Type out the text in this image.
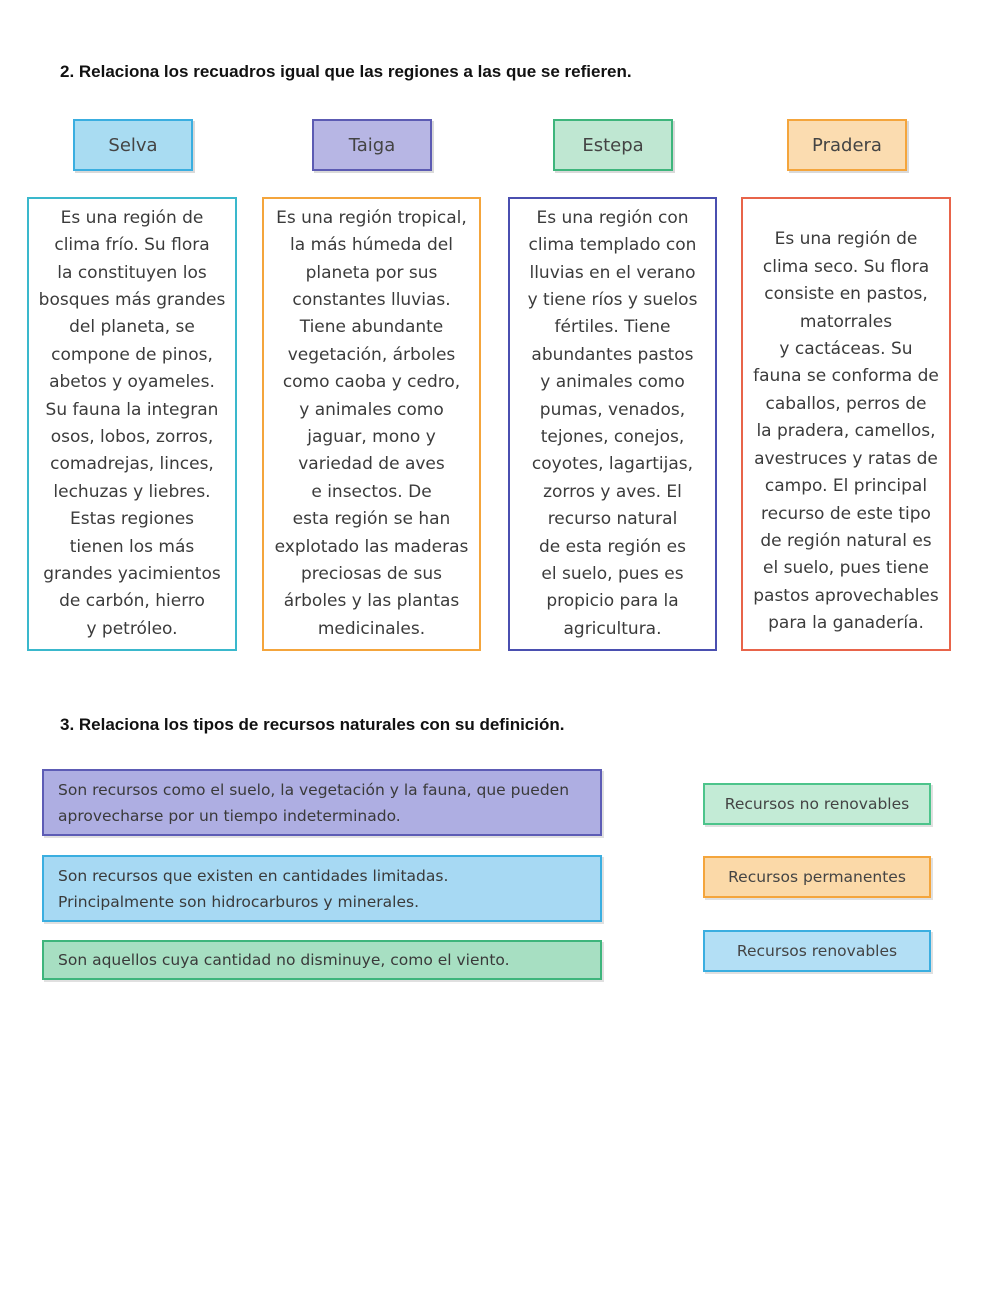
2. Relaciona los recuadros igual que las regiones a las que se refieren.
Selva	Taiga	Estepa	Pradera
Es una región de
clima frío. Su flora
la constituyen los
bosques más grandes
del planeta, se
compone de pinos,
abetos y oyameles.
Su fauna la integran
osos, lobos, zorros,
comadrejas, linces,
lechuzas y liebres.
Estas regiones
tienen los más
grandes yacimientos
de carbón, hierro
y petróleo.
Es una región tropical,
la más húmeda del
planeta por sus
constantes lluvias.
Tiene abundante
vegetación, árboles
como caoba y cedro,
y animales como
jaguar, mono y
variedad de aves
e insectos. De
esta región se han
explotado las maderas
preciosas de sus
árboles y las plantas
medicinales.
Es una región con
clima templado con
lluvias en el verano
y tiene ríos y suelos
fértiles. Tiene
abundantes pastos
y animales como
pumas, venados,
tejones, conejos,
coyotes, lagartijas,
zorros y aves. El
recurso natural
de esta región es
el suelo, pues es
propicio para la
agricultura.
Es una región de
clima seco. Su flora
consiste en pastos,
matorrales
y cactáceas. Su
fauna se conforma de
caballos, perros de
la pradera, camellos,
avestruces y ratas de
campo. El principal
recurso de este tipo
de región natural es
el suelo, pues tiene
pastos aprovechables
para la ganadería.
3. Relaciona los tipos de recursos naturales con su definición.
Son recursos como el suelo, la vegetación y la fauna, que pueden
aprovecharse por un tiempo indeterminado.
Son recursos que existen en cantidades limitadas.
Principalmente son hidrocarburos y minerales.
Son aquellos cuya cantidad no disminuye, como el viento.
Recursos no renovables
Recursos permanentes
Recursos renovables
